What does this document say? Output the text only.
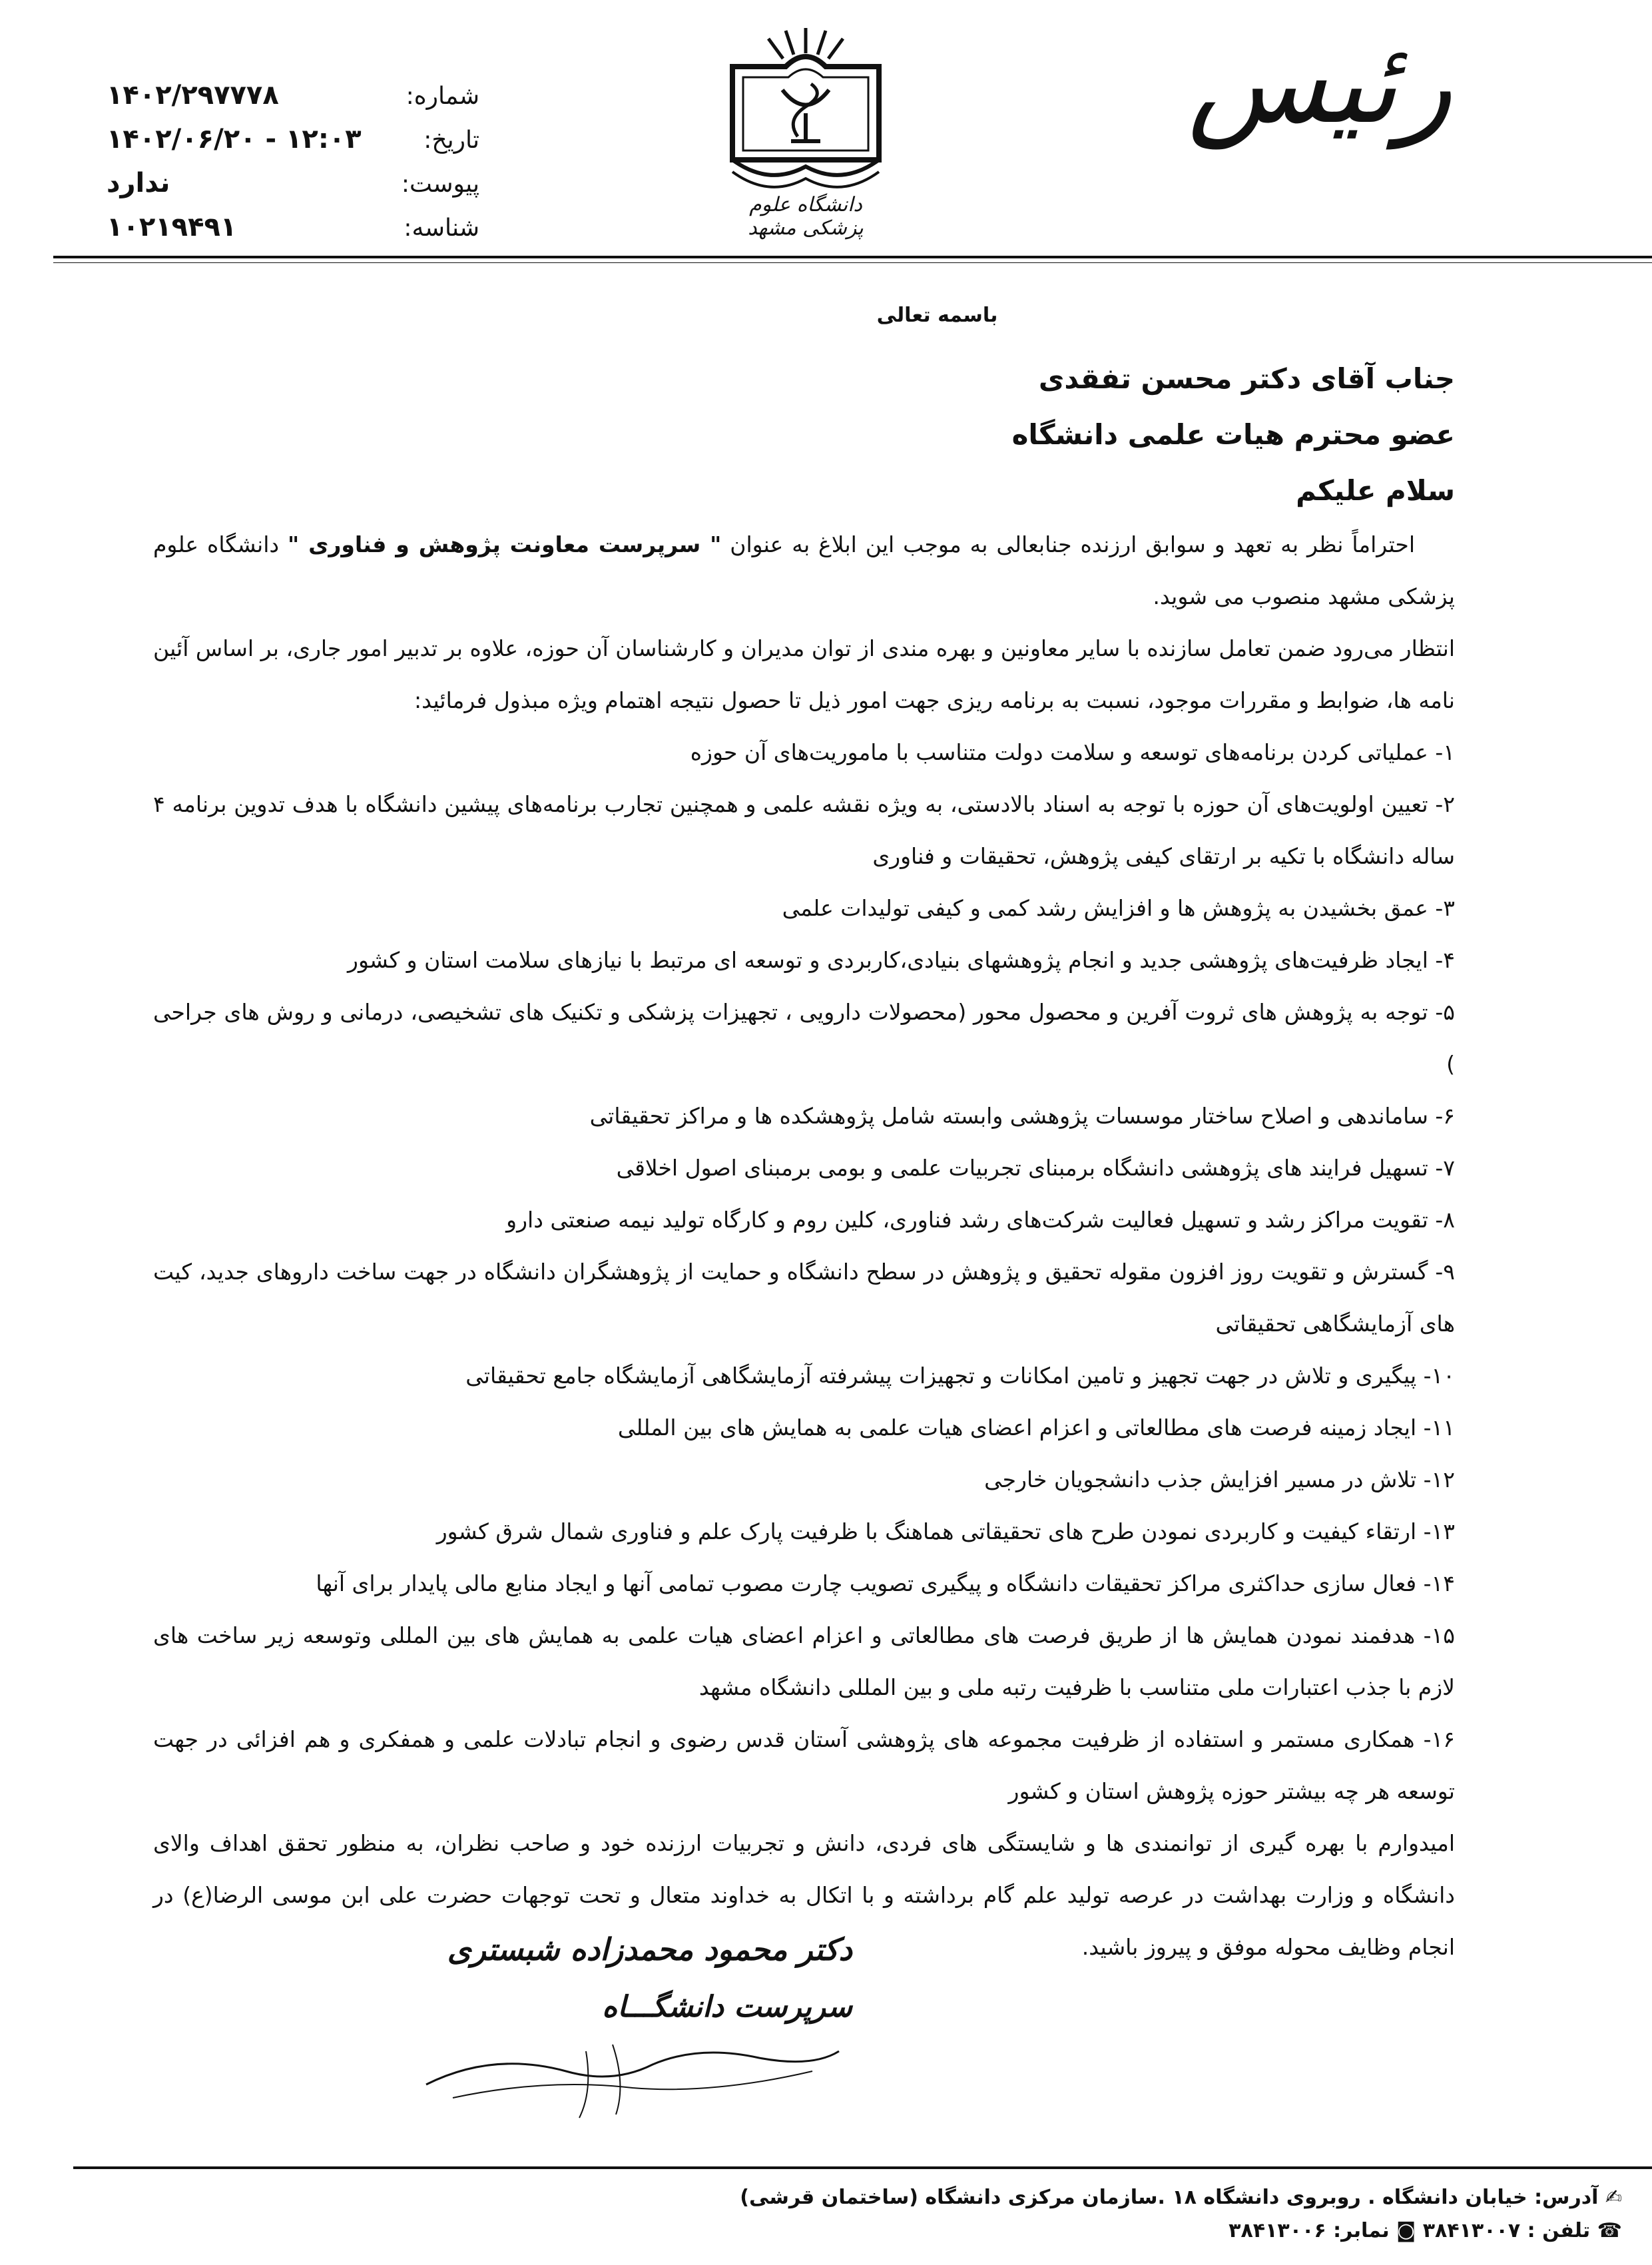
شماره:
۱۴۰۲/۲۹۷۷۷۸
تاریخ:
۱۴۰۲/۰۶/۲۰ - ۱۲:۰۳
پیوست:
ندارد
شناسه:
۱۰۲۱۹۴۹۱
دانشگاه علوم پزشکی مشهد
رئیس
باسمه تعالی
جناب آقای دکتر محسن تفقدی
عضو محترم هیات علمی دانشگاه
سلام علیکم

احتراماً نظر به تعهد و سوابق ارزنده جنابعالی به موجب این ابلاغ به عنوان " سرپرست معاونت پژوهش و فناوری " دانشگاه علوم پزشکی مشهد منصوب می شوید.

انتظار می‌رود ضمن تعامل سازنده با سایر معاونین و بهره مندی از توان مدیران و کارشناسان آن حوزه، علاوه بر تدبیر امور جاری، بر اساس آئین نامه ها، ضوابط و مقررات موجود، نسبت به برنامه ریزی جهت امور ذیل تا حصول نتیجه اهتمام ویژه مبذول فرمائید:

۱- عملیاتی کردن برنامه‌های توسعه و سلامت دولت متناسب با ماموریت‌های آن حوزه

۲- تعیین اولویت‌های آن حوزه با توجه به اسناد بالادستی، به ویژه نقشه علمی و همچنین تجارب برنامه‌های پیشین دانشگاه با هدف تدوین برنامه ۴ ساله دانشگاه با تکیه بر ارتقای کیفی پژوهش، تحقیقات و فناوری

۳- عمق بخشیدن به پژوهش ها و افزایش رشد کمی و کیفی تولیدات علمی

۴- ایجاد ظرفیت‌های پژوهشی جدید و انجام پژوهشهای بنیادی،کاربردی و توسعه ای مرتبط با نیازهای سلامت استان و کشور

۵- توجه به پژوهش های ثروت آفرین و محصول محور (محصولات دارویی ، تجهیزات پزشکی و تکنیک های تشخیصی، درمانی و روش های جراحی )

۶- ساماندهی و اصلاح ساختار موسسات پژوهشی وابسته شامل پژوهشکده ها و مراکز تحقیقاتی

۷- تسهیل فرایند های پژوهشی دانشگاه برمبنای تجربیات علمی و بومی برمبنای اصول اخلاقی

۸- تقویت مراکز رشد و تسهیل فعالیت شرکت‌های رشد فناوری، کلین روم و کارگاه تولید نیمه صنعتی دارو

۹- گسترش و تقویت روز افزون مقوله تحقیق و پژوهش در سطح دانشگاه و حمایت از پژوهشگران دانشگاه در جهت ساخت داروهای جدید، کیت های آزمایشگاهی تحقیقاتی

۱۰- پیگیری و تلاش در جهت تجهیز و تامین امکانات و تجهیزات پیشرفته آزمایشگاهی آزمایشگاه جامع تحقیقاتی

۱۱- ایجاد زمینه فرصت های مطالعاتی و اعزام اعضای هیات علمی به همایش های بین المللی

۱۲- تلاش در مسیر افزایش جذب دانشجویان خارجی

۱۳- ارتقاء کیفیت و کاربردی نمودن طرح های تحقیقاتی هماهنگ با ظرفیت پارک علم و فناوری شمال شرق کشور

۱۴- فعال سازی حداکثری مراکز تحقیقات دانشگاه و پیگیری تصویب چارت مصوب تمامی آنها و ایجاد منابع مالی پایدار برای آنها

۱۵- هدفمند نمودن همایش ها از طریق فرصت های مطالعاتی و اعزام اعضای هیات علمی به همایش های بین المللی وتوسعه زیر ساخت های لازم با جذب اعتبارات ملی متناسب با ظرفیت رتبه ملی و بین المللی دانشگاه مشهد

۱۶- همکاری مستمر و استفاده از ظرفیت مجموعه های پژوهشی آستان قدس رضوی و انجام تبادلات علمی و همفکری و هم افزائی در جهت توسعه هر چه بیشتر حوزه پژوهش استان و کشور

امیدوارم با بهره گیری از توانمندی ها و شایستگی های فردی، دانش و تجربیات ارزنده خود و صاحب نظران، به منظور تحقق اهداف والای دانشگاه و وزارت بهداشت در عرصه تولید علم گام برداشته و با اتکال به خداوند متعال و تحت توجهات حضرت علی ابن موسی الرضا(ع) در انجام وظایف محوله موفق و پیروز باشید.

دکتر محمود محمدزاده شبستری
سرپرست دانشگـــاه
✍ آدرس: خیابان دانشگاه . روبروی دانشگاه ۱۸ .سازمان مرکزی دانشگاه (ساختمان قرشی)
☎ تلفن : ۳۸۴۱۳۰۰۷ ◙ نمابر: ۳۸۴۱۳۰۰۶
